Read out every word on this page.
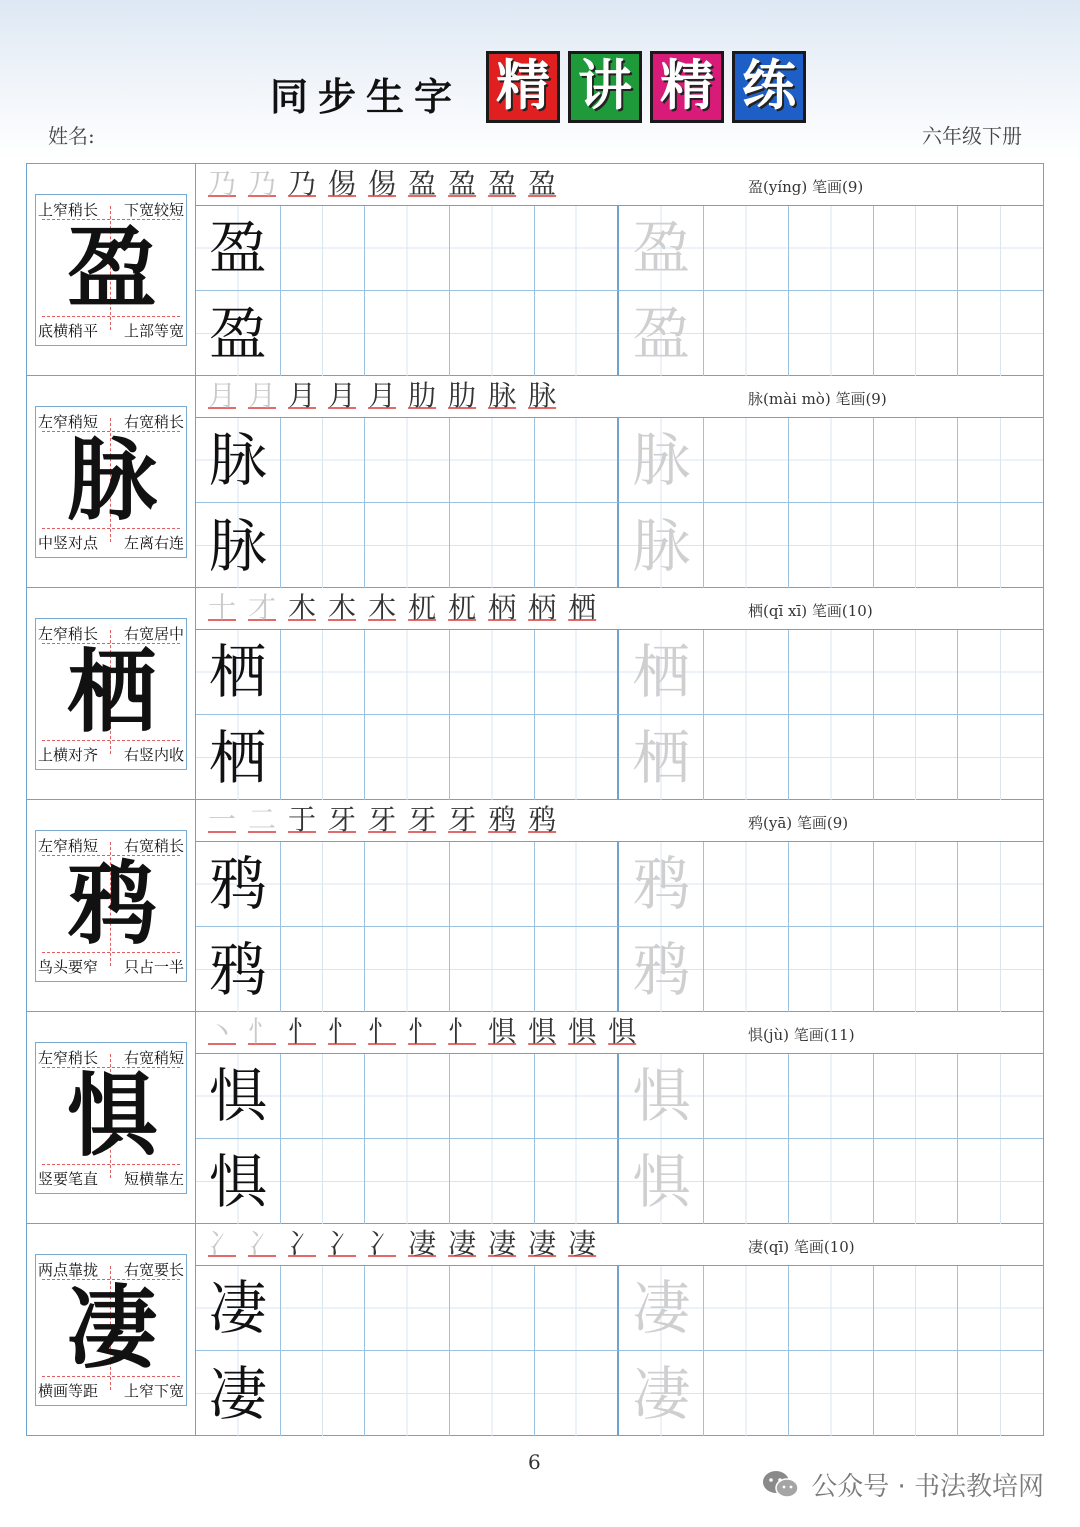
同步生字 精 讲 精 练
姓名:	六年级下册
盈
上窄稍长 下宽较短
底横稍平 上部等宽
乃 乃 乃 㑥 㑥 盈 盈 盈 盈	盈(yíng) 笔画(9)
盈	盈
盈	盈
脉
左窄稍短 右宽稍长
中竖对点 左离右连
月 月 月 月 月 肋 肋 脉 脉	脉(mài mò) 笔画(9)
脉	脉
脉	脉
栖
左窄稍长 右宽居中
上横对齐 右竖内收
十 才 木 木 木 杌 杌 柄 柄 栖	栖(qī xī) 笔画(10)
栖	栖
栖	栖
鸦
左窄稍短 右宽稍长
鸟头要窄 只占一半
一 二 于 牙 牙 牙 牙 鸦 鸦	鸦(yā) 笔画(9)
鸦	鸦
鸦	鸦
惧
左窄稍长 右宽稍短
竖要笔直 短横靠左
丶 忄 忄 忄 忄 忄 忄 惧 惧 惧 惧	惧(jù) 笔画(11)
惧	惧
惧	惧
凄
两点靠拢 右宽要长
横画等距 上窄下宽
冫 冫 冫 冫 冫 凄 凄 凄 凄 凄	凄(qī) 笔画(10)
凄	凄
凄	凄
6
公众号 · 书法教培网
